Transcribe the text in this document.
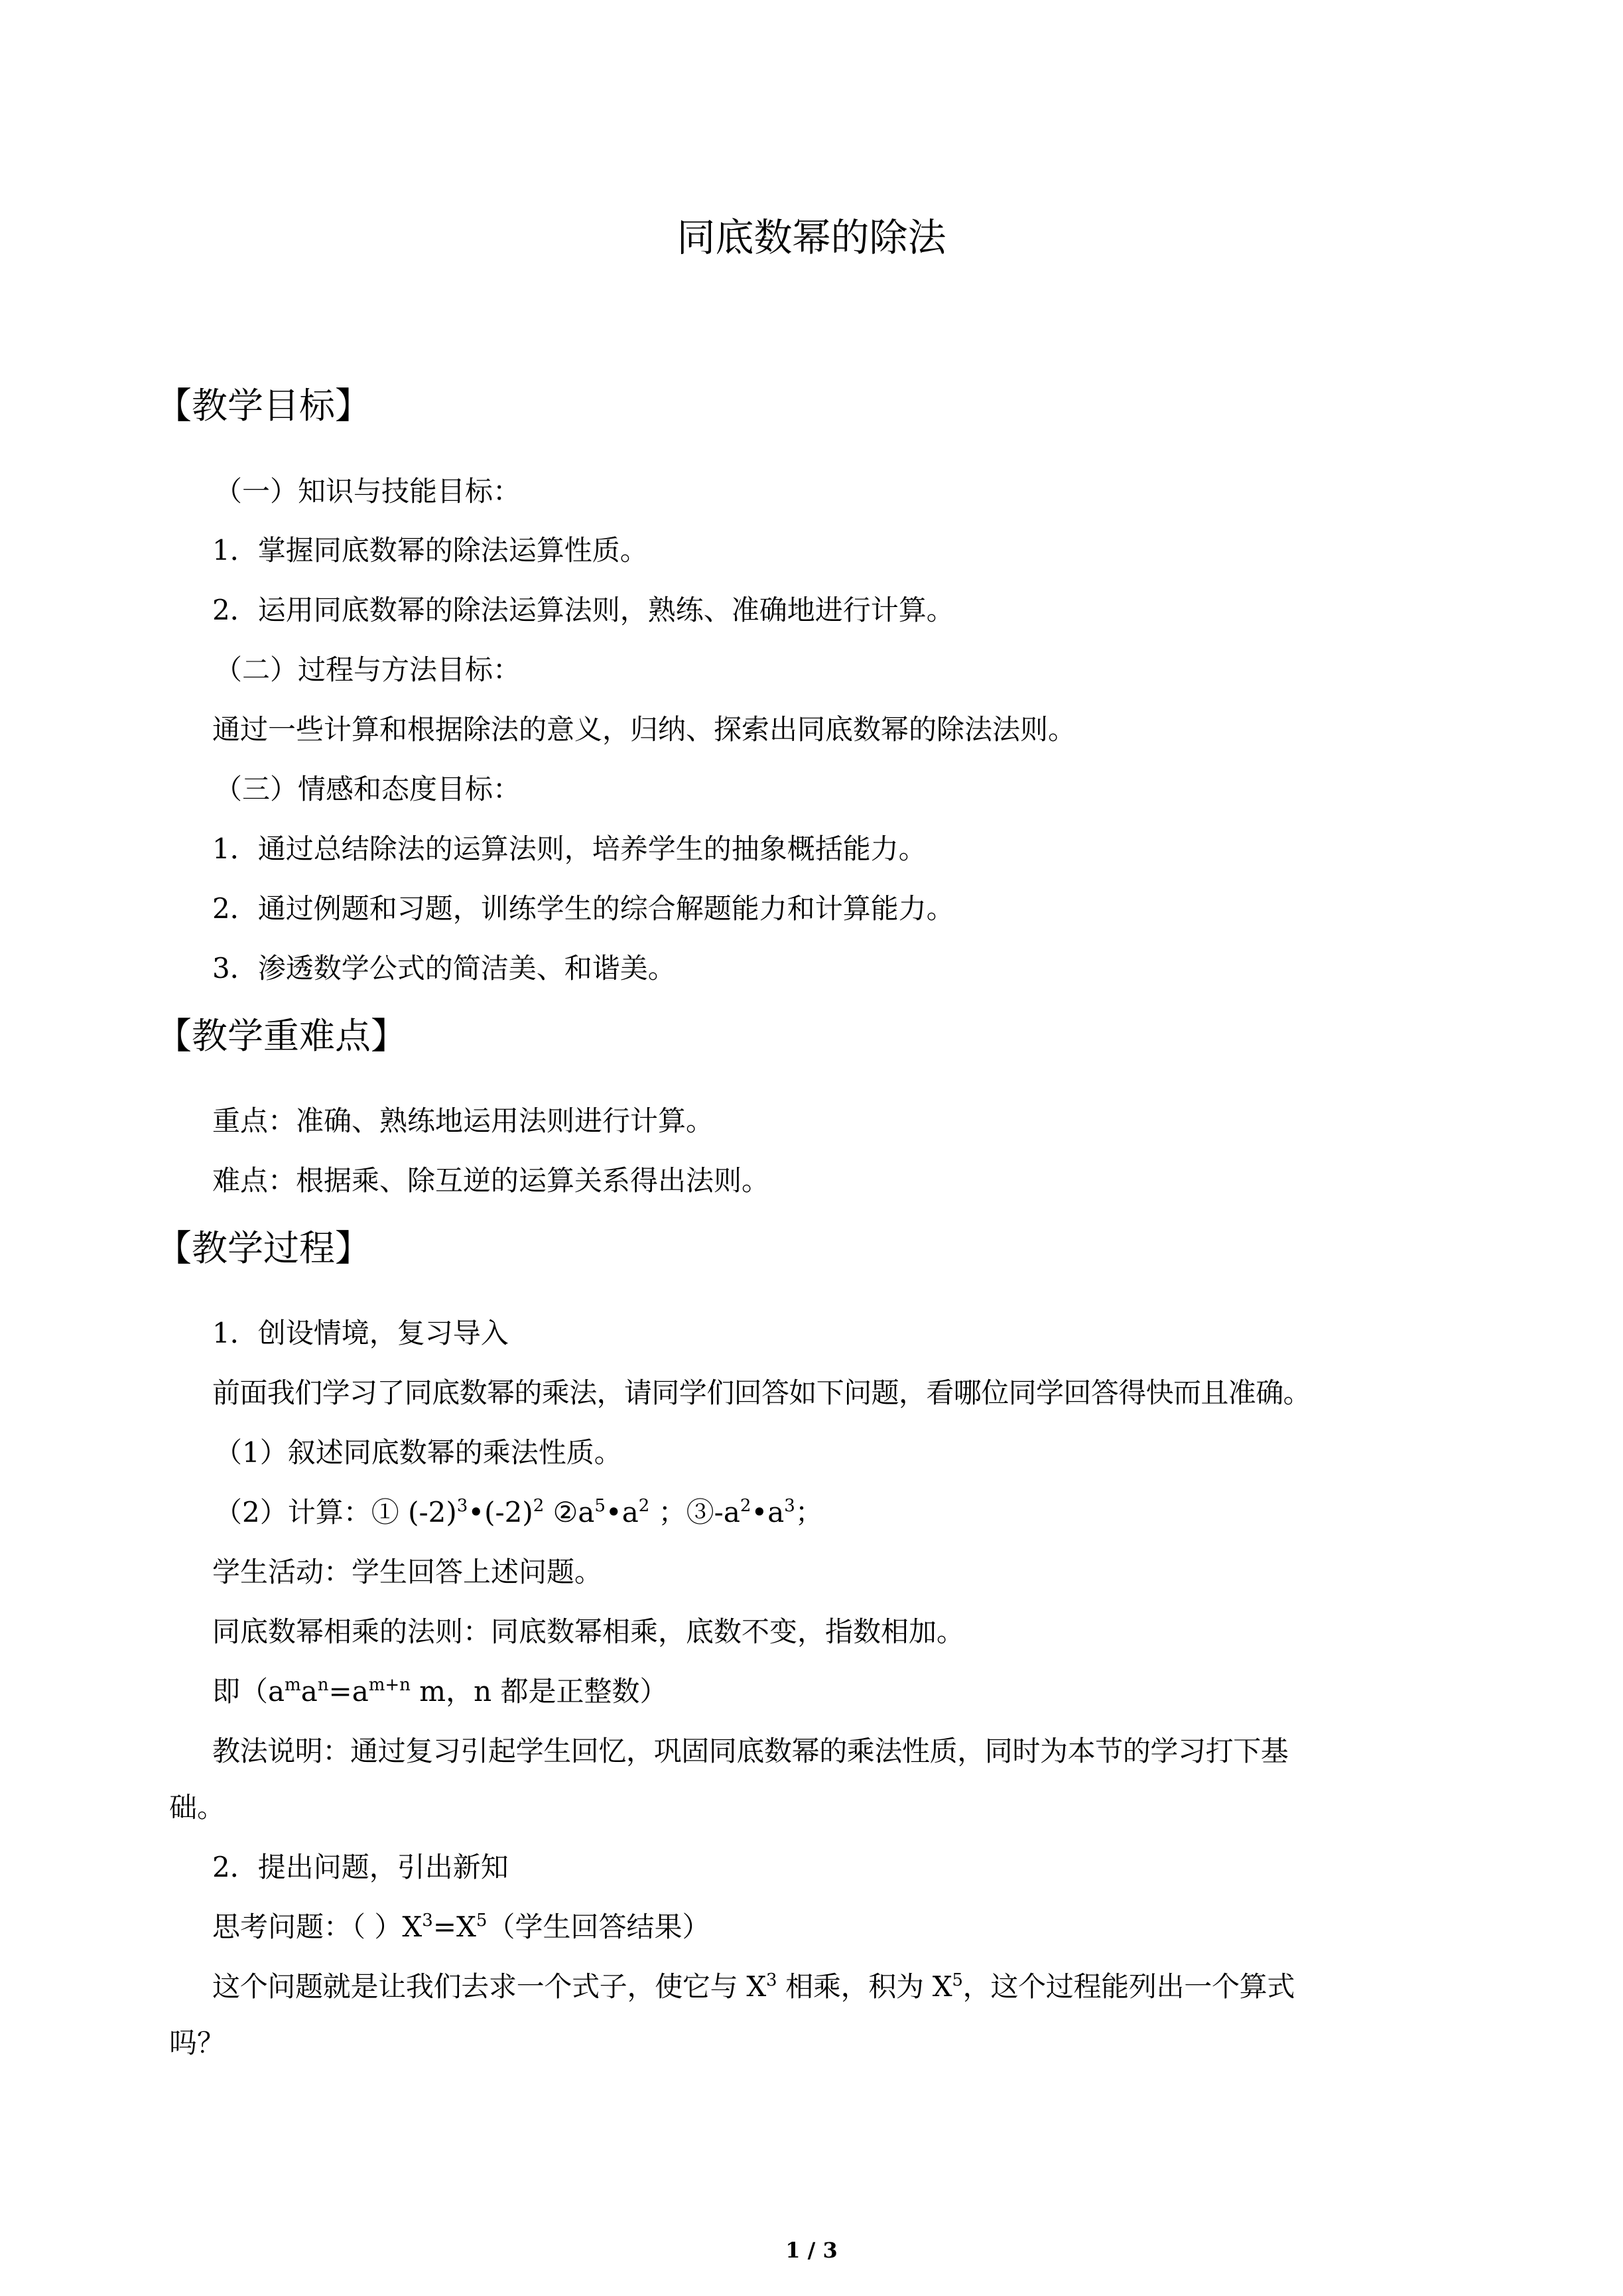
同底数幂的除法
【教学目标】
（一）知识与技能目标：
1．掌握同底数幂的除法运算性质。
2．运用同底数幂的除法运算法则，熟练、准确地进行计算。
（二）过程与方法目标：
通过一些计算和根据除法的意义，归纳、探索出同底数幂的除法法则。
（三）情感和态度目标：
1．通过总结除法的运算法则，培养学生的抽象概括能力。
2．通过例题和习题，训练学生的综合解题能力和计算能力。
3．渗透数学公式的简洁美、和谐美。
【教学重难点】
重点：准确、熟练地运用法则进行计算。
难点：根据乘、除互逆的运算关系得出法则。
【教学过程】
1．创设情境，复习导入
前面我们学习了同底数幂的乘法，请同学们回答如下问题，看哪位同学回答得快而且准确。
（1）叙述同底数幂的乘法性质。
（2）计算：① $(-2)^3•(-2)^2$ $②a^5•a^2$ ；$③-a^2•a^3$；
学生活动：学生回答上述问题。
同底数幂相乘的法则：同底数幂相乘，底数不变，指数相加。
即（$a^ma^n=a^{m+n}$ m，n 都是正整数）
教法说明：通过复习引起学生回忆，巩固同底数幂的乘法性质，同时为本节的学习打下基
础。
2．提出问题，引出新知
思考问题：（ ）$X^3=X^5$（学生回答结果）
这个问题就是让我们去求一个式子，使它与 $X^3$ 相乘，积为 $X^5$，这个过程能列出一个算式
吗？
1 / 3
